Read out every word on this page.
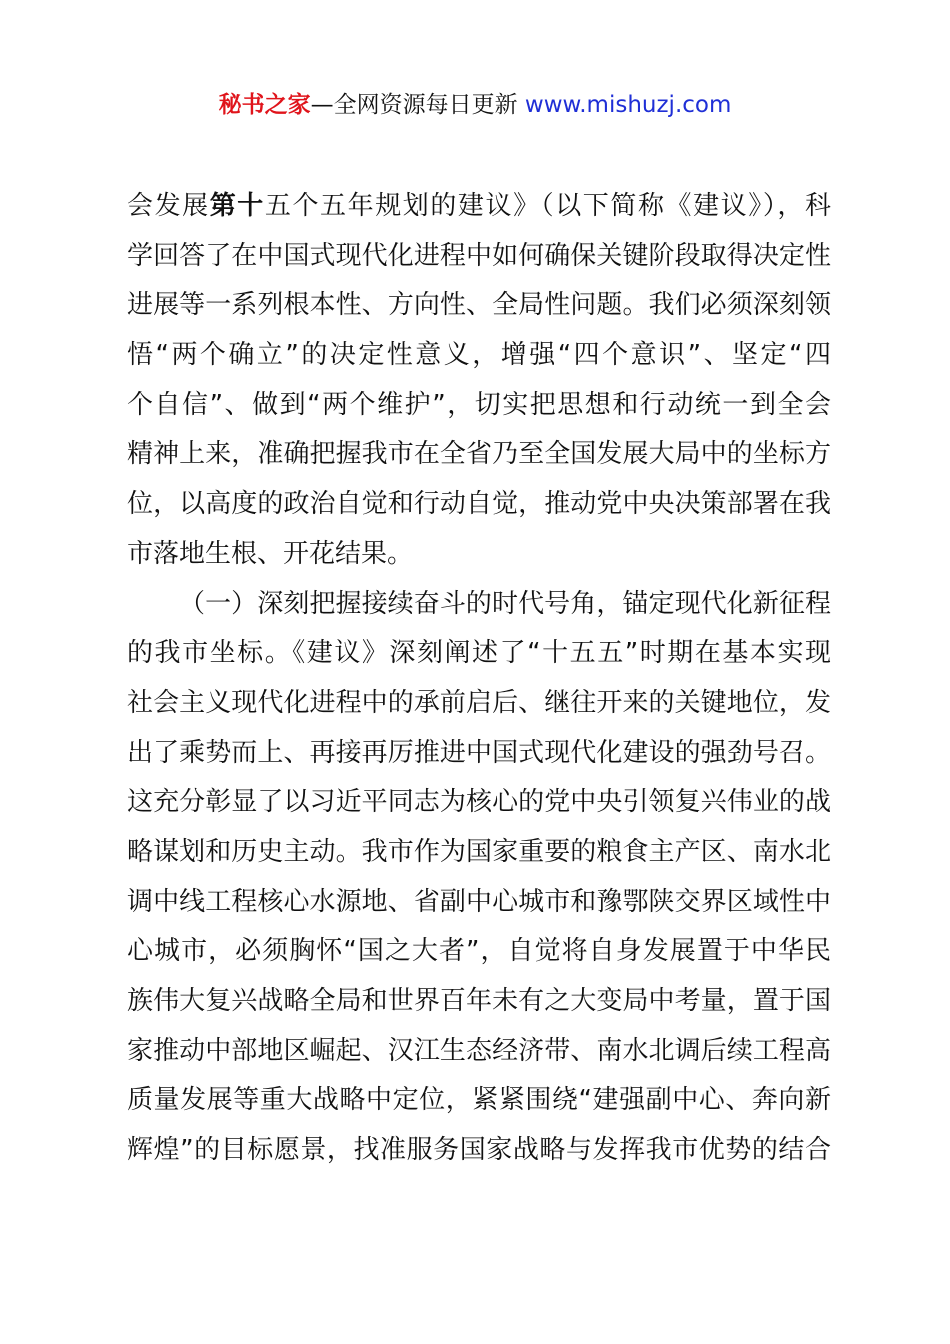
秘书之家—全网资源每日更新 www.mishuzj.com
会发展第十五个五年规划的建议》（以下简称《建议》），科
学回答了在中国式现代化进程中如何确保关键阶段取得决定性
进展等一系列根本性、方向性、全局性问题。我们必须深刻领
悟“两个确立”的决定性意义，增强“四个意识”、坚定“四
个自信”、做到“两个维护”，切实把思想和行动统一到全会
精神上来，准确把握我市在全省乃至全国发展大局中的坐标方
位，以高度的政治自觉和行动自觉，推动党中央决策部署在我
市落地生根、开花结果。
（一）深刻把握接续奋斗的时代号角，锚定现代化新征程
的我市坐标。《建议》深刻阐述了“十五五”时期在基本实现
社会主义现代化进程中的承前启后、继往开来的关键地位，发
出了乘势而上、再接再厉推进中国式现代化建设的强劲号召。
这充分彰显了以习近平同志为核心的党中央引领复兴伟业的战
略谋划和历史主动。我市作为国家重要的粮食主产区、南水北
调中线工程核心水源地、省副中心城市和豫鄂陕交界区域性中
心城市，必须胸怀“国之大者”，自觉将自身发展置于中华民
族伟大复兴战略全局和世界百年未有之大变局中考量，置于国
家推动中部地区崛起、汉江生态经济带、南水北调后续工程高
质量发展等重大战略中定位，紧紧围绕“建强副中心、奔向新
辉煌”的目标愿景，找准服务国家战略与发挥我市优势的结合
